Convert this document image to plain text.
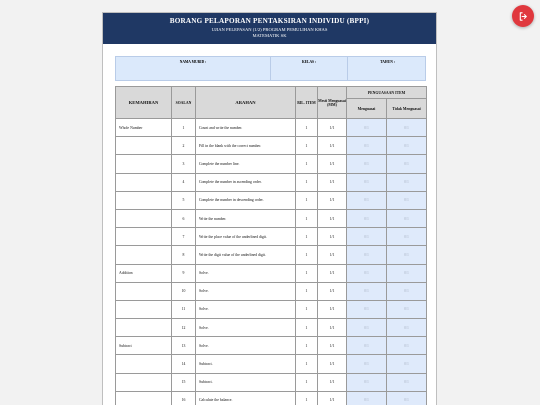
BORANG PELAPORAN PENTAKSIRAN INDIVIDU (BPPI)
UJIAN PELEPASAN (1/2) PROGRAM PEMULIHAN KHAS
MATEMATIK SK
NAMA MURID :	KELAS :	TAHUN :
KEMAHIRAN	SOALAN	ARAHAN	BIL. ITEM	Mesti Menguasai (MM)	PENGUASAAN ITEM	
					Menguasai	Tidak Menguasai
Whole Number	1	Count and write the number.	1	1/1	0/1	0/1
	2	Fill in the blank with the correct number.	1	1/1	0/1	0/1
	3	Complete the number line.	1	1/1	0/1	0/1
	4	Complete the number in ascending order.	1	1/1	0/1	0/1
	5	Complete the number in descending order.	1	1/1	0/1	0/1
	6	Write the number.	1	1/1	0/1	0/1
	7	Write the place value of the underlined digit.	1	1/1	0/1	0/1
	8	Write the digit value of the underlined digit.	1	1/1	0/1	0/1
Addition	9	Solve.	1	1/1	0/1	0/1
	10	Solve.	1	1/1	0/1	0/1
	11	Solve.	1	1/1	0/1	0/1
	12	Solve.	1	1/1	0/1	0/1
Subtract	13	Solve.	1	1/1	0/1	0/1
	14	Subtract.	1	1/1	0/1	0/1
	15	Subtract.	1	1/1	0/1	0/1
	16	Calculate the balance.	1	1/1	0/1	0/1
